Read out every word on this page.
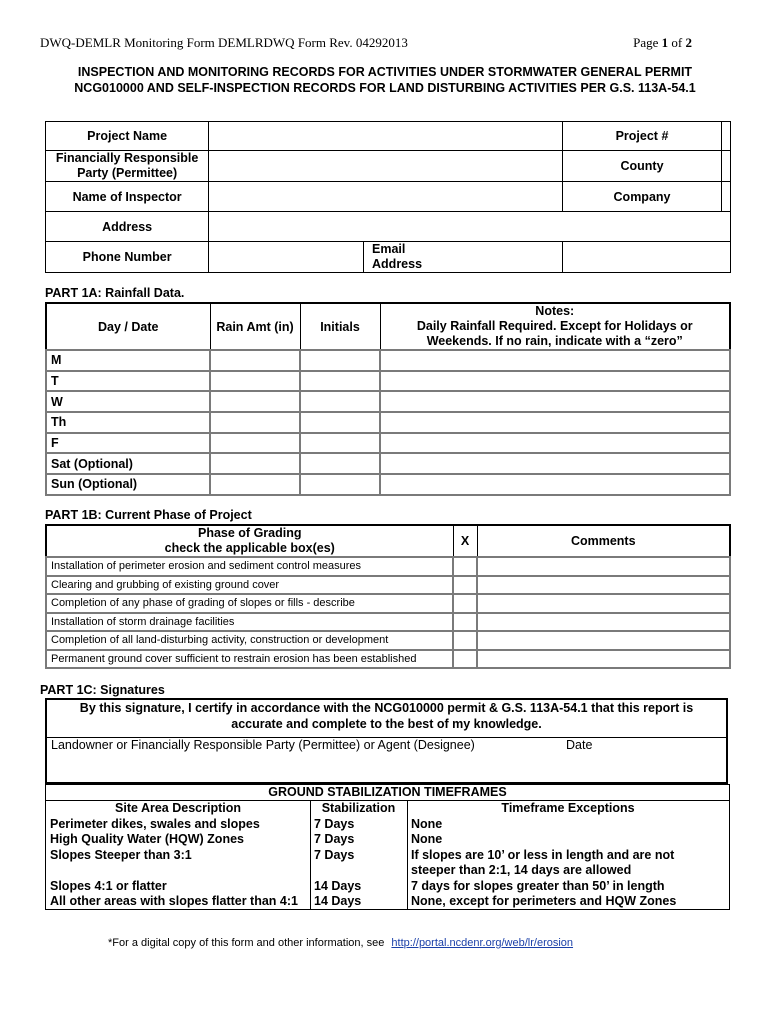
DWQ-DEMLR Monitoring Form DEMLRDWQ Form Rev. 04292013	Page 1 of 2
INSPECTION AND MONITORING RECORDS FOR ACTIVITIES UNDER STORMWATER GENERAL PERMIT
NCG010000 AND SELF-INSPECTION RECORDS FOR LAND DISTURBING ACTIVITIES PER G.S. 113A-54.1
Project Name			Project #	

Financially Responsible
Party (Permittee)			County	
Name of Inspector			Company	
Address				
Phone Number		Email
Address		

PART 1A: Rainfall Data.
Day / Date	Rain Amt (in)	Initials	Notes:
Daily Rainfall Required. Except for Holidays or
Weekends. If no rain, indicate with a “zero”

M			
T			
W			
Th			
F			
Sat (Optional)			
Sun (Optional)			
PART 1B: Current Phase of Project
Phase of Grading
check the applicable box(es)	X	Comments
Installation of perimeter erosion and sediment control measures		
Clearing and grubbing of existing ground cover		
Completion of any phase of grading of slopes or fills - describe		
Installation of storm drainage facilities		
Completion of all land-disturbing activity, construction or development		
Permanent ground cover sufficient to restrain erosion has been established		
PART 1C: Signatures
By this signature, I certify in accordance with the NCG010000 permit & G.S. 113A-54.1 that this report is
accurate and complete to the best of my knowledge.
Landowner or Financially Responsible Party (Permittee) or Agent (Designee)	Date
GROUND STABILIZATION TIMEFRAMES
Site Area Description	Stabilization	Timeframe Exceptions
Perimeter dikes, swales and slopes	7 Days	None
High Quality Water (HQW) Zones	7 Days	None
Slopes Steeper than 3:1	7 Days	If slopes are 10’ or less in length and are not
steeper than 2:1, 14 days are allowed

Slopes 4:1 or flatter	14 Days	7 days for slopes greater than 50’ in length
All other areas with slopes flatter than 4:1	14 Days	None, except for perimeters and HQW Zones
*For a digital copy of this form and other information, see http://portal.ncdenr.org/web/lr/erosion
